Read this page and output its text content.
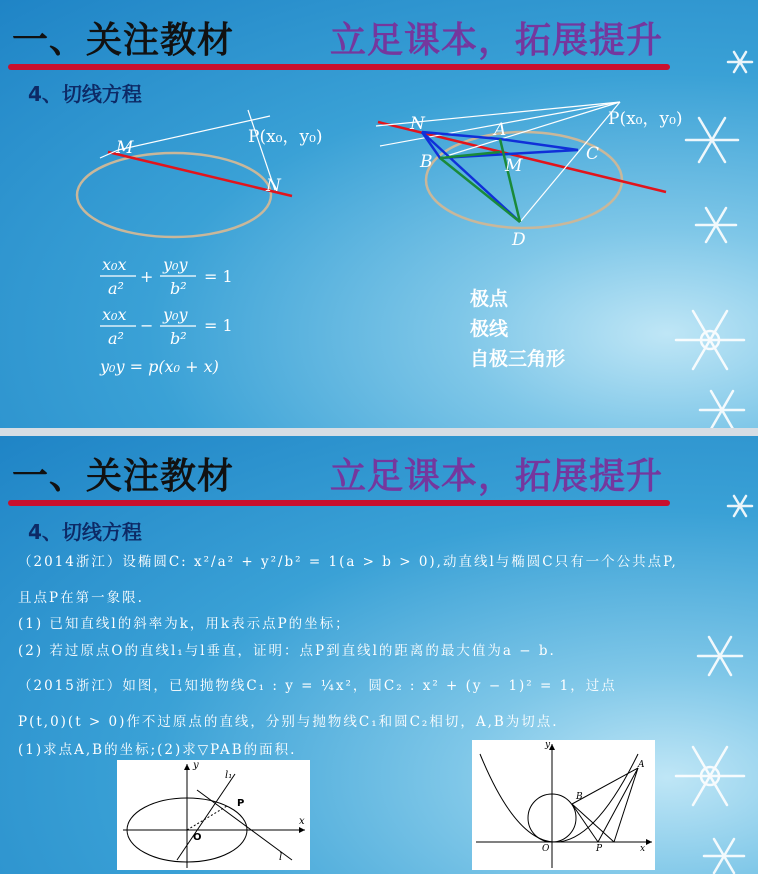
x₀x
a²
+
y₀y
b²
= 1
x₀x
a²
−
y₀y
b²
= 1
y₀y = p(x₀ + x)
一、关注教材	立足课本，拓展提升
4、切线方程
M
N
P(x₀，y₀)
N	A
B	C
M
D
P(x₀，y₀)
极点
极线
自极三角形
一、关注教材	立足课本，拓展提升
4、切线方程
（2014浙江）设椭圆C: x²/a² + y²/b² = 1(a > b > 0),动直线l与椭圆C只有一个公共点P,
且点P在第一象限.
(1) 已知直线l的斜率为k，用k表示点P的坐标；
(2) 若过原点O的直线l₁与l垂直，证明：点P到直线l的距离的最大值为a − b.
（2015浙江）如图，已知抛物线C₁ : y = ¼x²，圆C₂ : x² + (y − 1)² = 1，过点
P(t,0)(t > 0)作不过原点的直线，分别与抛物线C₁和圆C₂相切，A,B为切点.
(1)求点A,B的坐标;(2)求▽PAB的面积.
y
l₁
P
O
x
l
y
A
B
O	P	x
